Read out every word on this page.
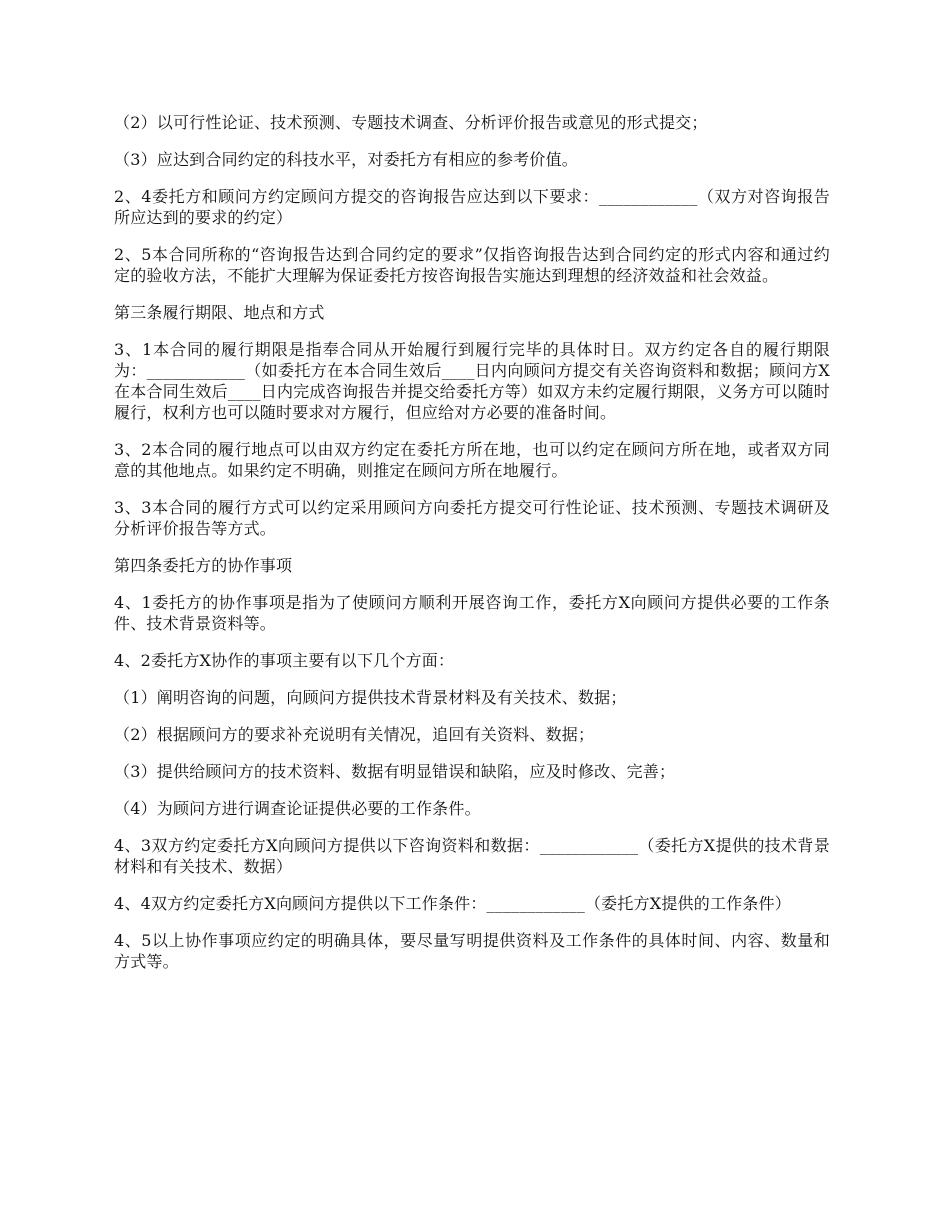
（2）以可行性论证、技术预测、专题技术调查、分析评价报告或意见的形式提交；

（3）应达到合同约定的科技水平，对委托方有相应的参考价值。

2、4委托方和顾问方约定顾问方提交的咨询报告应达到以下要求：____________（双方对咨询报告所应达到的要求的约定）

2、5本合同所称的“咨询报告达到合同约定的要求”仅指咨询报告达到合同约定的形式内容和通过约定的验收方法，不能扩大理解为保证委托方按咨询报告实施达到理想的经济效益和社会效益。

第三条履行期限、地点和方式

3、1本合同的履行期限是指奉合同从开始履行到履行完毕的具体时日。双方约定各自的履行期限为：____________（如委托方在本合同生效后____日内向顾问方提交有关咨询资料和数据；顾问方X在本合同生效后____日内完成咨询报告并提交给委托方等）如双方未约定履行期限，义务方可以随时履行，权利方也可以随时要求对方履行，但应给对方必要的准备时间。

3、2本合同的履行地点可以由双方约定在委托方所在地，也可以约定在顾问方所在地，或者双方同意的其他地点。如果约定不明确，则推定在顾问方所在地履行。

3、3本合同的履行方式可以约定采用顾问方向委托方提交可行性论证、技术预测、专题技术调研及分析评价报告等方式。

第四条委托方的协作事项

4、1委托方的协作事项是指为了使顾问方顺利开展咨询工作，委托方X向顾问方提供必要的工作条件、技术背景资料等。

4、2委托方X协作的事项主要有以下几个方面：

（1）阐明咨询的问题，向顾问方提供技术背景材料及有关技术、数据；

（2）根据顾问方的要求补充说明有关情况，追回有关资料、数据；

（3）提供给顾问方的技术资料、数据有明显错误和缺陷，应及时修改、完善；

（4）为顾问方进行调查论证提供必要的工作条件。

4、3双方约定委托方X向顾问方提供以下咨询资料和数据：____________（委托方X提供的技术背景材料和有关技术、数据）

4、4双方约定委托方X向顾问方提供以下工作条件：____________（委托方X提供的工作条件）

4、5以上协作事项应约定的明确具体，要尽量写明提供资料及工作条件的具体时间、内容、数量和方式等。
